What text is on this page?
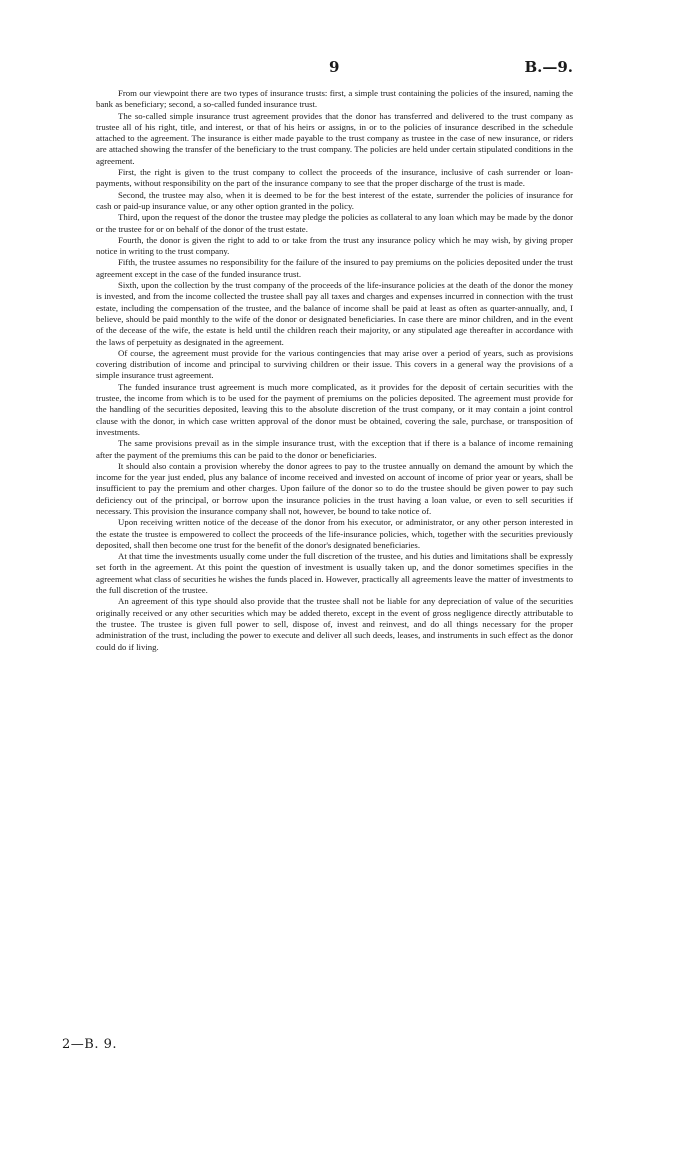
9	B.—9.

From our viewpoint there are two types of insurance trusts: first, a simple trust containing the policies of the insured, naming the bank as beneficiary; second, a so-called funded insurance trust.

The so-called simple insurance trust agreement provides that the donor has transferred and delivered to the trust company as trustee all of his right, title, and interest, or that of his heirs or assigns, in or to the policies of insurance described in the schedule attached to the agreement. The insurance is either made payable to the trust company as trustee in the case of new insurance, or riders are attached showing the transfer of the beneficiary to the trust company. The policies are held under certain stipulated conditions in the agreement.

First, the right is given to the trust company to collect the proceeds of the insurance, inclusive of cash surrender or loan-payments, without responsibility on the part of the insurance company to see that the proper discharge of the trust is made.

Second, the trustee may also, when it is deemed to be for the best interest of the estate, surrender the policies of insurance for cash or paid-up insurance value, or any other option granted in the policy.

Third, upon the request of the donor the trustee may pledge the policies as collateral to any loan which may be made by the donor or the trustee for or on behalf of the donor of the trust estate.

Fourth, the donor is given the right to add to or take from the trust any insurance policy which he may wish, by giving proper notice in writing to the trust company.

Fifth, the trustee assumes no responsibility for the failure of the insured to pay premiums on the policies deposited under the trust agreement except in the case of the funded insurance trust.

Sixth, upon the collection by the trust company of the proceeds of the life-insurance policies at the death of the donor the money is invested, and from the income collected the trustee shall pay all taxes and charges and expenses incurred in connection with the trust estate, including the compensation of the trustee, and the balance of income shall be paid at least as often as quarter-annually, and, I believe, should be paid monthly to the wife of the donor or designated beneficiaries. In case there are minor children, and in the event of the decease of the wife, the estate is held until the children reach their majority, or any stipulated age thereafter in accordance with the laws of perpetuity as designated in the agreement.

Of course, the agreement must provide for the various contingencies that may arise over a period of years, such as provisions covering distribution of income and principal to surviving children or their issue. This covers in a general way the provisions of a simple insurance trust agreement.

The funded insurance trust agreement is much more complicated, as it provides for the deposit of certain securities with the trustee, the income from which is to be used for the payment of premiums on the policies deposited. The agreement must provide for the handling of the securities deposited, leaving this to the absolute discretion of the trust company, or it may contain a joint control clause with the donor, in which case written approval of the donor must be obtained, covering the sale, purchase, or transposition of investments.

The same provisions prevail as in the simple insurance trust, with the exception that if there is a balance of income remaining after the payment of the premiums this can be paid to the donor or beneficiaries.

It should also contain a provision whereby the donor agrees to pay to the trustee annually on demand the amount by which the income for the year just ended, plus any balance of income received and invested on account of income of prior year or years, shall be insufficient to pay the premium and other charges. Upon failure of the donor so to do the trustee should be given power to pay such deficiency out of the principal, or borrow upon the insurance policies in the trust having a loan value, or even to sell securities if necessary. This provision the insurance company shall not, however, be bound to take notice of.

Upon receiving written notice of the decease of the donor from his executor, or administrator, or any other person interested in the estate the trustee is empowered to collect the proceeds of the life-insurance policies, which, together with the securities previously deposited, shall then become one trust for the benefit of the donor's designated beneficiaries.

At that time the investments usually come under the full discretion of the trustee, and his duties and limitations shall be expressly set forth in the agreement. At this point the question of investment is usually taken up, and the donor sometimes specifies in the agreement what class of securities he wishes the funds placed in. However, practically all agreements leave the matter of investments to the full discretion of the trustee.

An agreement of this type should also provide that the trustee shall not be liable for any depreciation of value of the securities originally received or any other securities which may be added thereto, except in the event of gross negligence directly attributable to the trustee. The trustee is given full power to sell, dispose of, invest and reinvest, and do all things necessary for the proper administration of the trust, including the power to execute and deliver all such deeds, leases, and instruments in such effect as the donor could do if living.

2—B. 9.
